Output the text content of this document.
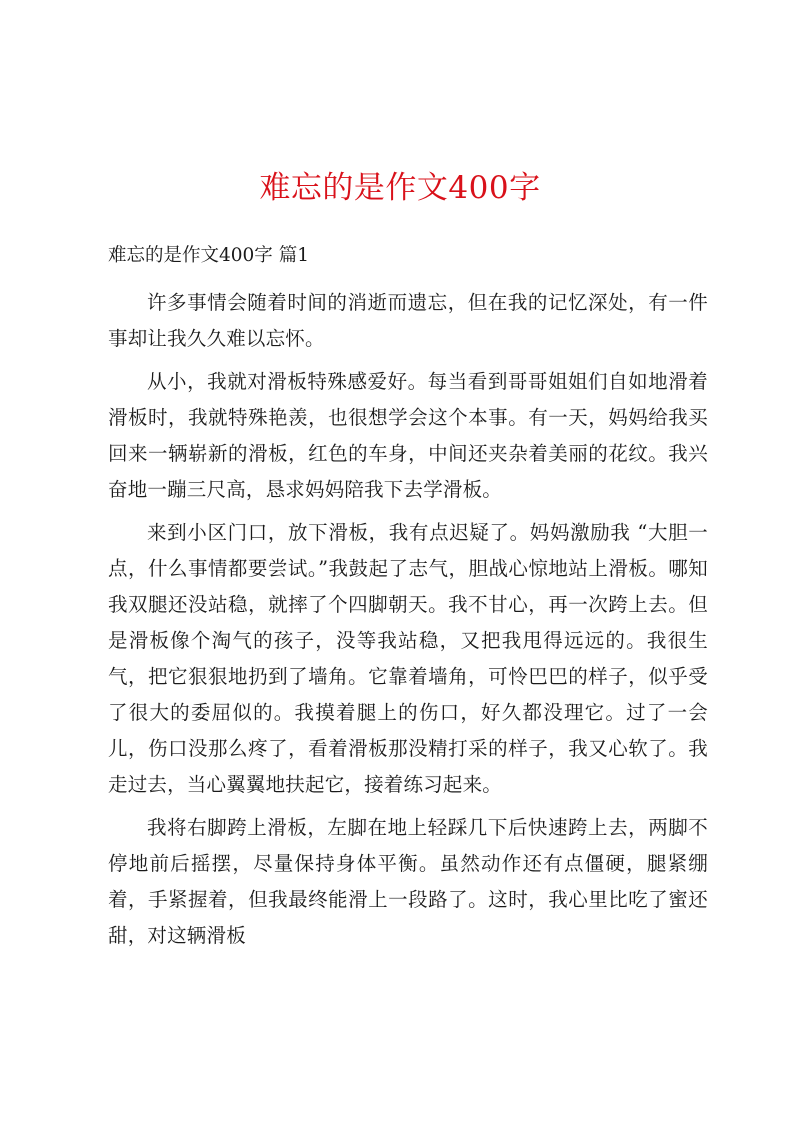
难忘的是作文400字

难忘的是作文400字 篇1

许多事情会随着时间的消逝而遗忘，但在我的记忆深处，有一件事却让我久久难以忘怀。

从小，我就对滑板特殊感爱好。每当看到哥哥姐姐们自如地滑着滑板时，我就特殊艳羡，也很想学会这个本事。有一天，妈妈给我买回来一辆崭新的滑板，红色的车身，中间还夹杂着美丽的花纹。我兴奋地一蹦三尺高，恳求妈妈陪我下去学滑板。

来到小区门口，放下滑板，我有点迟疑了。妈妈激励我 “大胆一点，什么事情都要尝试。”我鼓起了志气，胆战心惊地站上滑板。哪知我双腿还没站稳，就摔了个四脚朝天。我不甘心，再一次跨上去。但是滑板像个淘气的孩子，没等我站稳，又把我甩得远远的。我很生气，把它狠狠地扔到了墙角。它靠着墙角，可怜巴巴的样子，似乎受了很大的委屈似的。我摸着腿上的伤口，好久都没理它。过了一会儿，伤口没那么疼了，看着滑板那没精打采的样子，我又心软了。我走过去，当心翼翼地扶起它，接着练习起来。

我将右脚跨上滑板，左脚在地上轻踩几下后快速跨上去，两脚不停地前后摇摆，尽量保持身体平衡。虽然动作还有点僵硬，腿紧绷着，手紧握着，但我最终能滑上一段路了。这时，我心里比吃了蜜还甜，对这辆滑板
